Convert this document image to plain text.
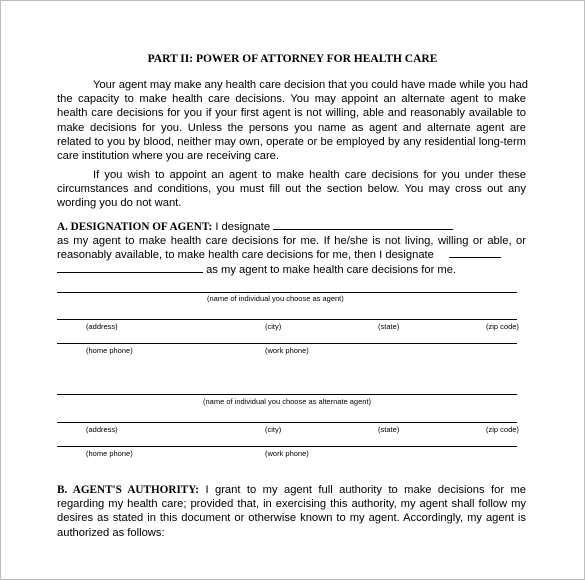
PART II: POWER OF ATTORNEY FOR HEALTH CARE
Your agent may make any health care decision that you could have made while you had
the capacity to make health care decisions. You may appoint an alternate agent to make
health care decisions for you if your first agent is not willing, able and reasonably available to
make decisions for you. Unless the persons you name as agent and alternate agent are
related to you by blood, neither may own, operate or be employed by any residential long-term
care institution where you are receiving care.
If you wish to appoint an agent to make health care decisions for you under these
circumstances and conditions, you must fill out the section below. You may cross out any
wording you do not want.
A. DESIGNATION OF AGENT: I designate
as my agent to make health care decisions for me. If he/she is not living, willing or able, or
reasonably available, to make health care decisions for me, then I designate
as my agent to make health care decisions for me.
(name of individual you choose as agent)
(address)	(city)	(state)	(zip code)
(home phone)	(work phone)
(name of individual you choose as alternate agent)
(address)	(city)	(state)	(zip code)
(home phone)	(work phone)
B. AGENT'S AUTHORITY: I grant to my agent full authority to make decisions for me
regarding my health care; provided that, in exercising this authority, my agent shall follow my
desires as stated in this document or otherwise known to my agent. Accordingly, my agent is
authorized as follows:
